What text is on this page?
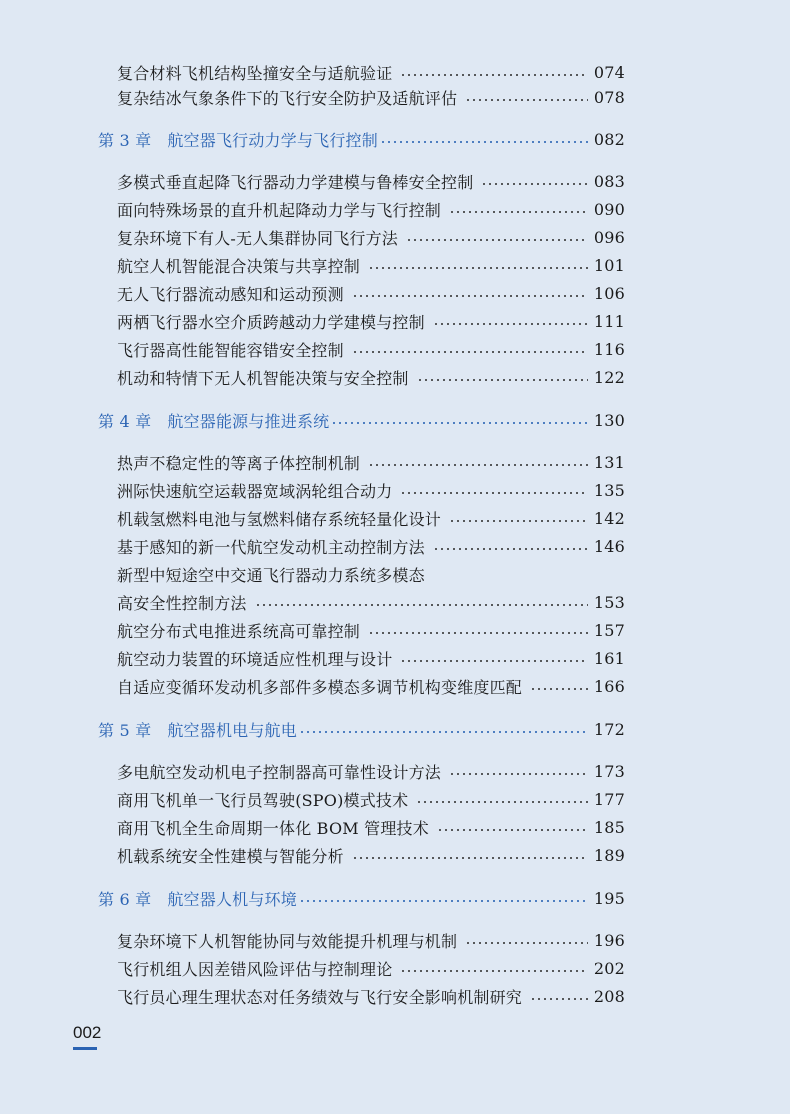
复合材料飞机结构坠撞安全与适航验证	074
复杂结冰气象条件下的飞行安全防护及适航评估	078
第 3 章 航空器飞行动力学与飞行控制	082
多模式垂直起降飞行器动力学建模与鲁棒安全控制	083
面向特殊场景的直升机起降动力学与飞行控制	090
复杂环境下有人-无人集群协同飞行方法	096
航空人机智能混合决策与共享控制	101
无人飞行器流动感知和运动预测	106
两栖飞行器水空介质跨越动力学建模与控制	111
飞行器高性能智能容错安全控制	116
机动和特情下无人机智能决策与安全控制	122
第 4 章 航空器能源与推进系统	130
热声不稳定性的等离子体控制机制	131
洲际快速航空运载器宽域涡轮组合动力	135
机载氢燃料电池与氢燃料储存系统轻量化设计	142
基于感知的新一代航空发动机主动控制方法	146
新型中短途空中交通飞行器动力系统多模态
高安全性控制方法	153
航空分布式电推进系统高可靠控制	157
航空动力装置的环境适应性机理与设计	161
自适应变循环发动机多部件多模态多调节机构变维度匹配	166
第 5 章 航空器机电与航电	172
多电航空发动机电子控制器高可靠性设计方法	173
商用飞机单一飞行员驾驶(SPO)模式技术	177
商用飞机全生命周期一体化 BOM 管理技术	185
机载系统安全性建模与智能分析	189
第 6 章 航空器人机与环境	195
复杂环境下人机智能协同与效能提升机理与机制	196
飞行机组人因差错风险评估与控制理论	202
飞行员心理生理状态对任务绩效与飞行安全影响机制研究	208
002
